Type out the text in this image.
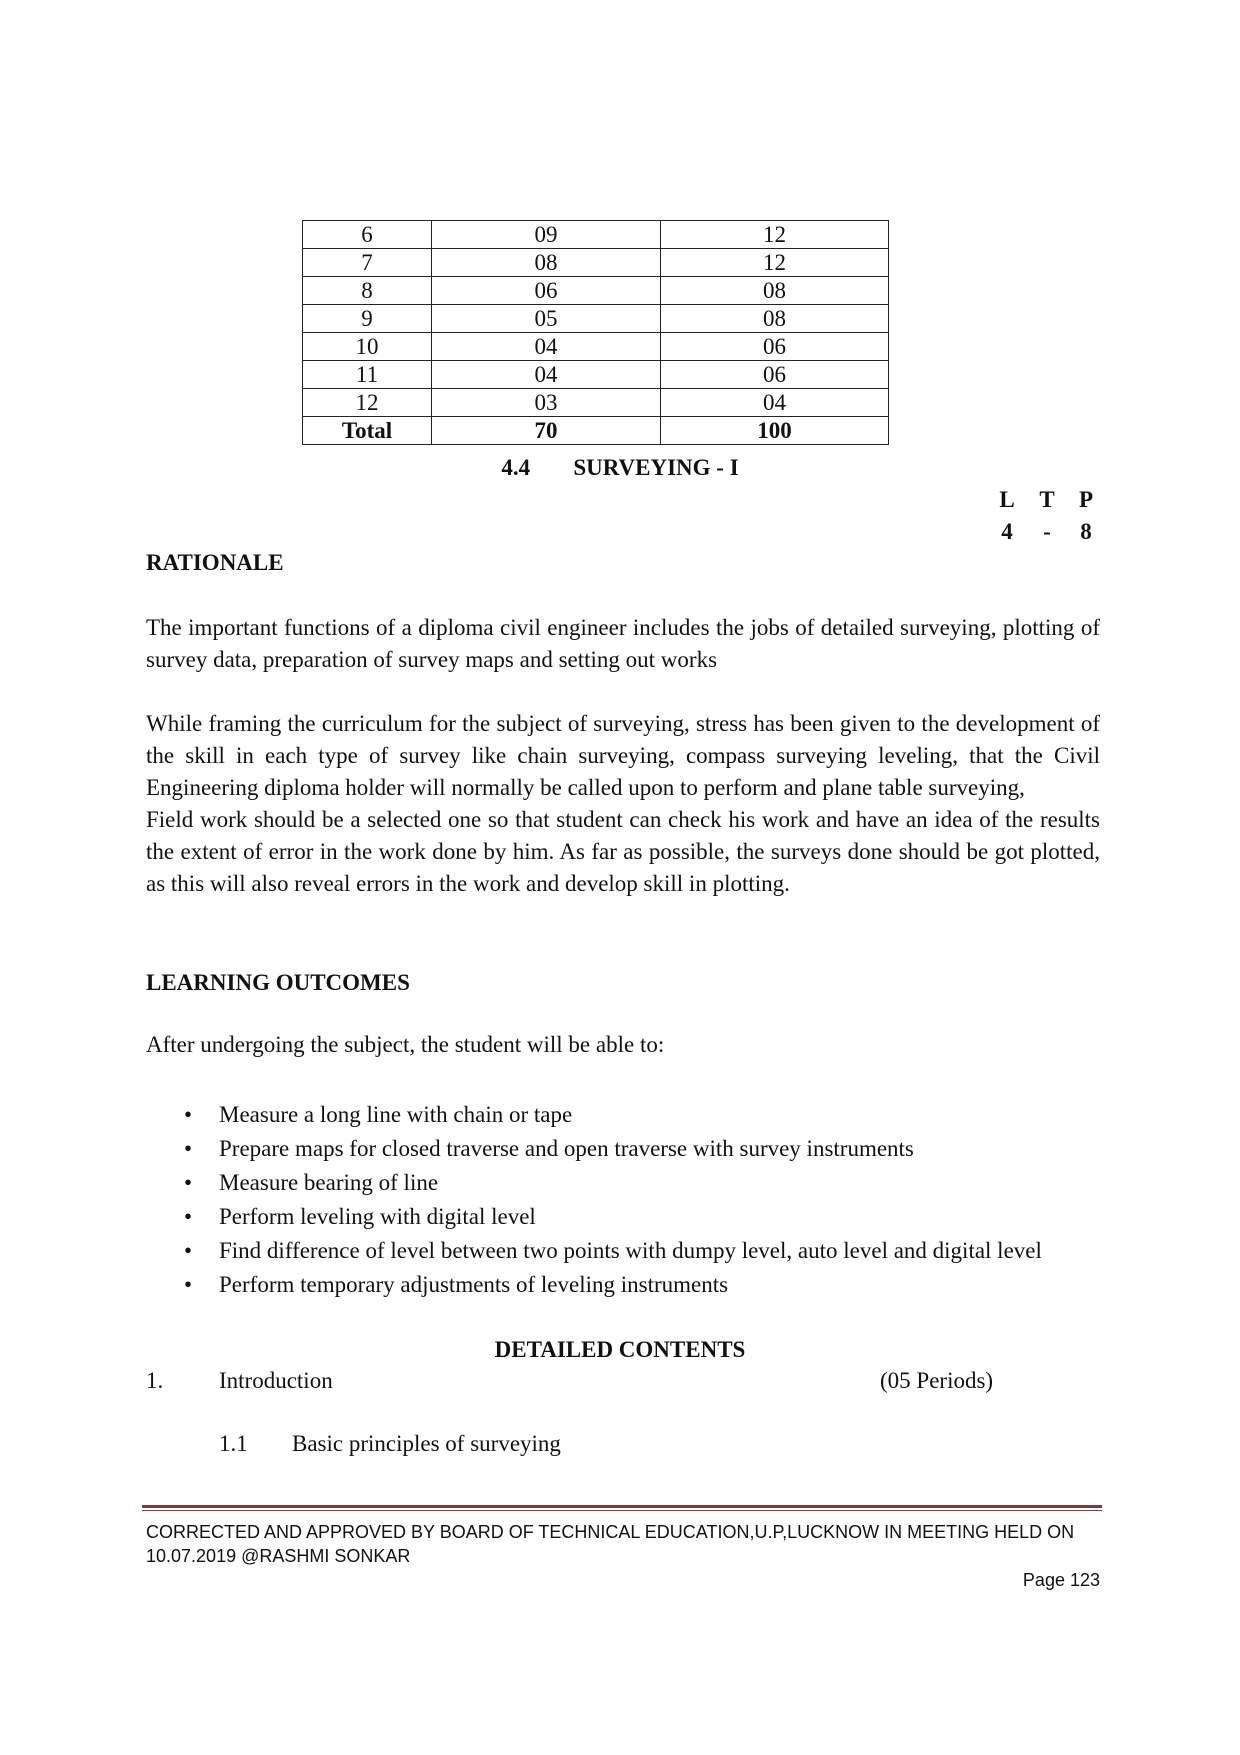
6	09	12
7	08	12
8	06	08
9	05	08
10	04	06
11	04	06
12	03	04
Total	70	100
4.4 SURVEYING - I
L	T	P
4	-	8
RATIONALE

The important functions of a diploma civil engineer includes the jobs of detailed surveying, plotting of survey data, preparation of survey maps and setting out works

While framing the curriculum for the subject of surveying, stress has been given to the development of the skill in each type of survey like chain surveying, compass surveying leveling, that the Civil Engineering diploma holder will normally be called upon to perform and plane table surveying,

Field work should be a selected one so that student can check his work and have an idea of the results the extent of error in the work done by him. As far as possible, the surveys done should be got plotted, as this will also reveal errors in the work and develop skill in plotting.

LEARNING OUTCOMES
After undergoing the subject, the student will be able to:
• Measure a long line with chain or tape
• Prepare maps for closed traverse and open traverse with survey instruments
• Measure bearing of line
• Perform leveling with digital level
• Find difference of level between two points with dumpy level, auto level and digital level
• Perform temporary adjustments of leveling instruments
DETAILED CONTENTS
1. Introduction	(05 Periods)
1.1 Basic principles of surveying
CORRECTED AND APPROVED BY BOARD OF TECHNICAL EDUCATION,U.P,LUCKNOW IN MEETING HELD ON
10.07.2019 @RASHMI SONKAR
Page 123
